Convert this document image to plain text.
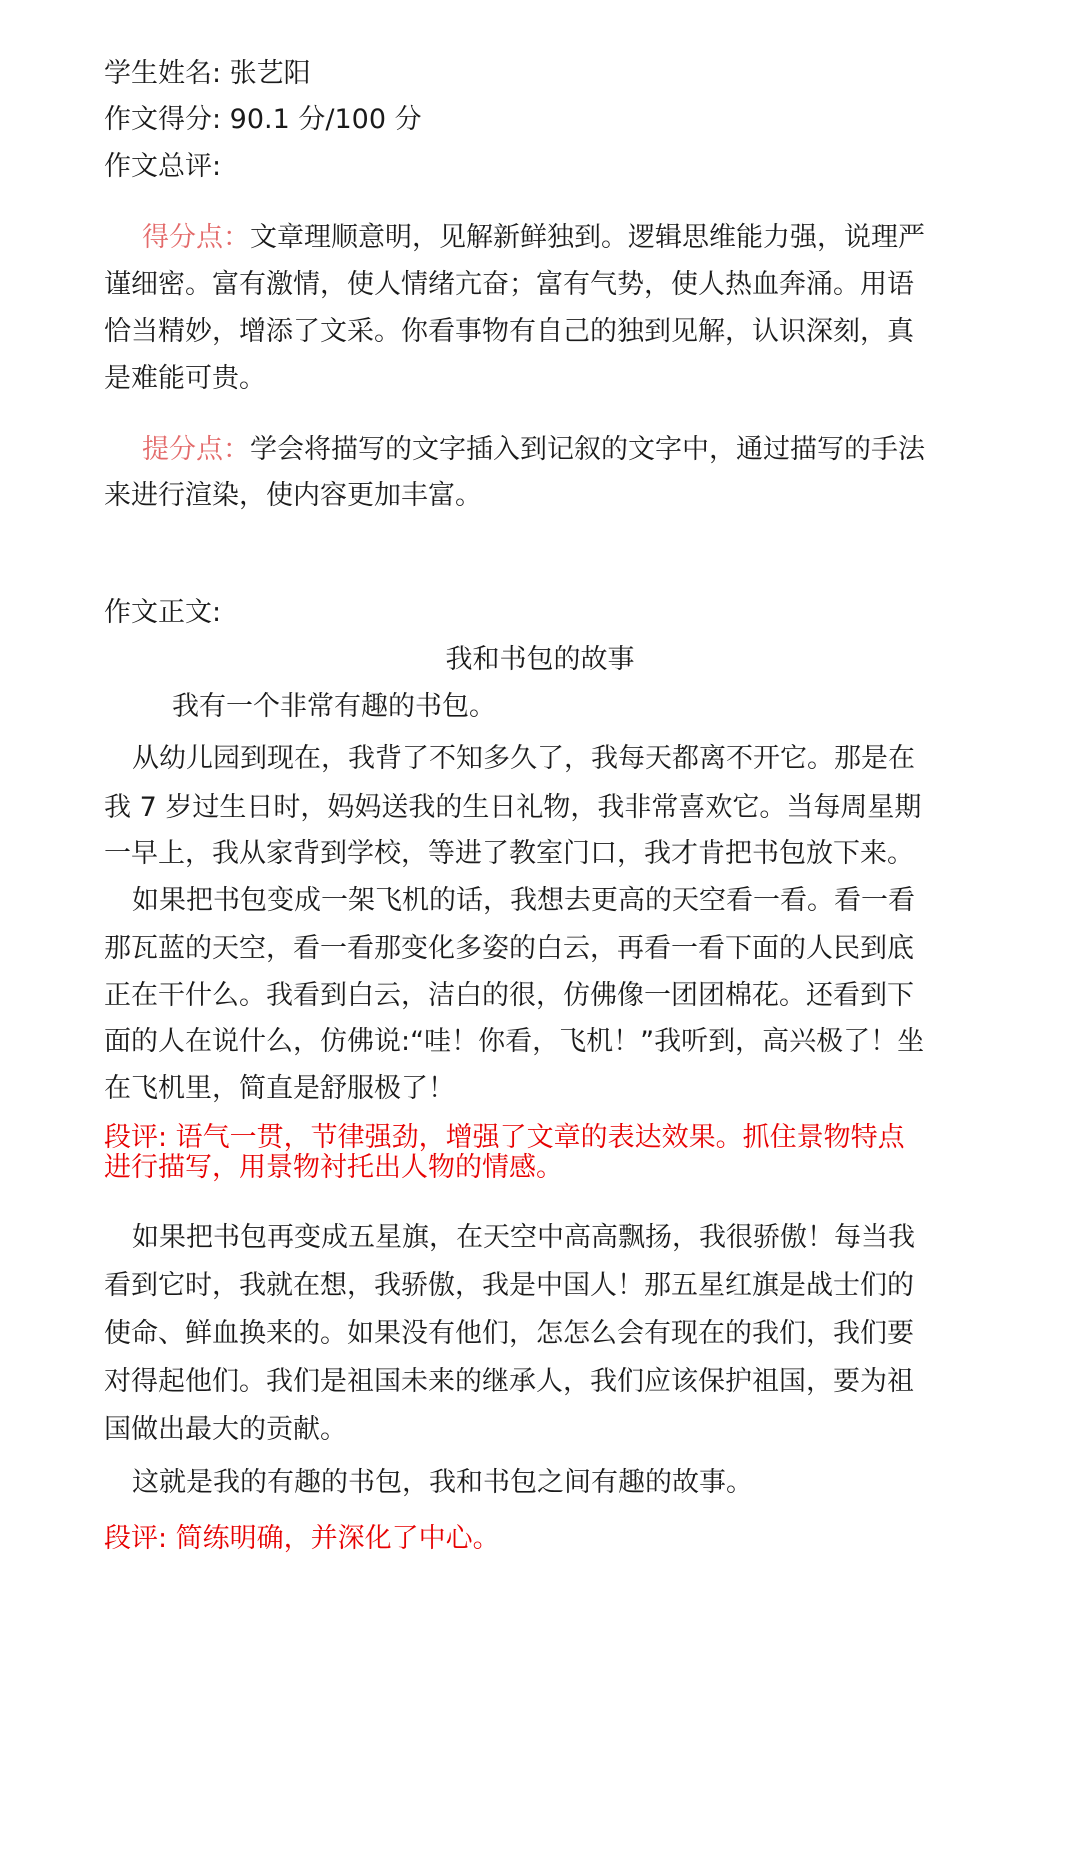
学生姓名: 张艺阳
作文得分: 90.1 分/100 分
作文总评:
得分点：文章理顺意明，见解新鲜独到。逻辑思维能力强，说理严
谨细密。富有激情，使人情绪亢奋；富有气势，使人热血奔涌。用语
恰当精妙，增添了文采。你看事物有自己的独到见解，认识深刻，真
是难能可贵。
提分点：学会将描写的文字插入到记叙的文字中，通过描写的手法
来进行渲染，使内容更加丰富。
作文正文:
我和书包的故事
我有一个非常有趣的书包。
从幼儿园到现在，我背了不知多久了，我每天都离不开它。那是在
我 7 岁过生日时，妈妈送我的生日礼物，我非常喜欢它。当每周星期
一早上，我从家背到学校，等进了教室门口，我才肯把书包放下来。
如果把书包变成一架飞机的话，我想去更高的天空看一看。看一看
那瓦蓝的天空，看一看那变化多姿的白云，再看一看下面的人民到底
正在干什么。我看到白云，洁白的很，仿佛像一团团棉花。还看到下
面的人在说什么，仿佛说:“哇！你看，飞机！”我听到，高兴极了！坐
在飞机里，简直是舒服极了！
段评: 语气一贯，节律强劲，增强了文章的表达效果。抓住景物特点
进行描写，用景物衬托出人物的情感。
如果把书包再变成五星旗，在天空中高高飘扬，我很骄傲！每当我
看到它时，我就在想，我骄傲，我是中国人！那五星红旗是战士们的
使命、鲜血换来的。如果没有他们，怎怎么会有现在的我们，我们要
对得起他们。我们是祖国未来的继承人，我们应该保护祖国，要为祖
国做出最大的贡献。
这就是我的有趣的书包，我和书包之间有趣的故事。
段评: 简练明确，并深化了中心。
